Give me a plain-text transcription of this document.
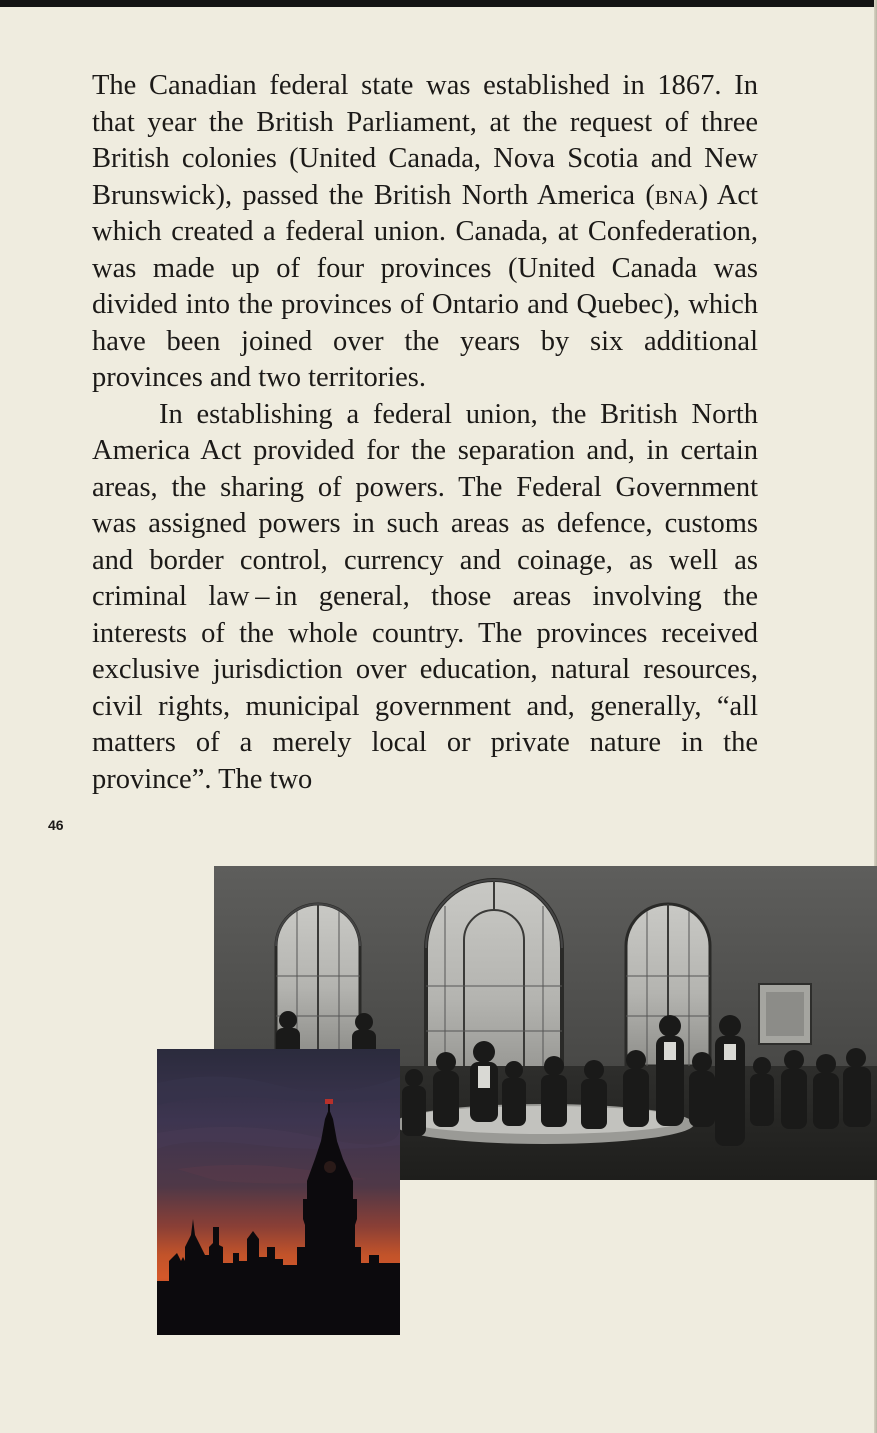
The Canadian federal state was established in 1867. In that year the British Parliament, at the request of three British colonies (United Canada, Nova Scotia and New Brunswick), passed the British North America (bna) Act which created a federal union. Canada, at Confederation, was made up of four provinces (United Canada was divided into the provinces of Ontario and Quebec), which have been joined over the years by six additional provinces and two territories.

In establishing a federal union, the British North America Act provided for the separation and, in certain areas, the sharing of powers. The Federal Government was assigned powers in such areas as defence, customs and border control, currency and coinage, as well as criminal law – in general, those areas involving the interests of the whole country. The provinces received exclusive jurisdiction over education, natural resources, civil rights, municipal government and, generally, “all matters of a merely local or private nature in the province”. The two

46
